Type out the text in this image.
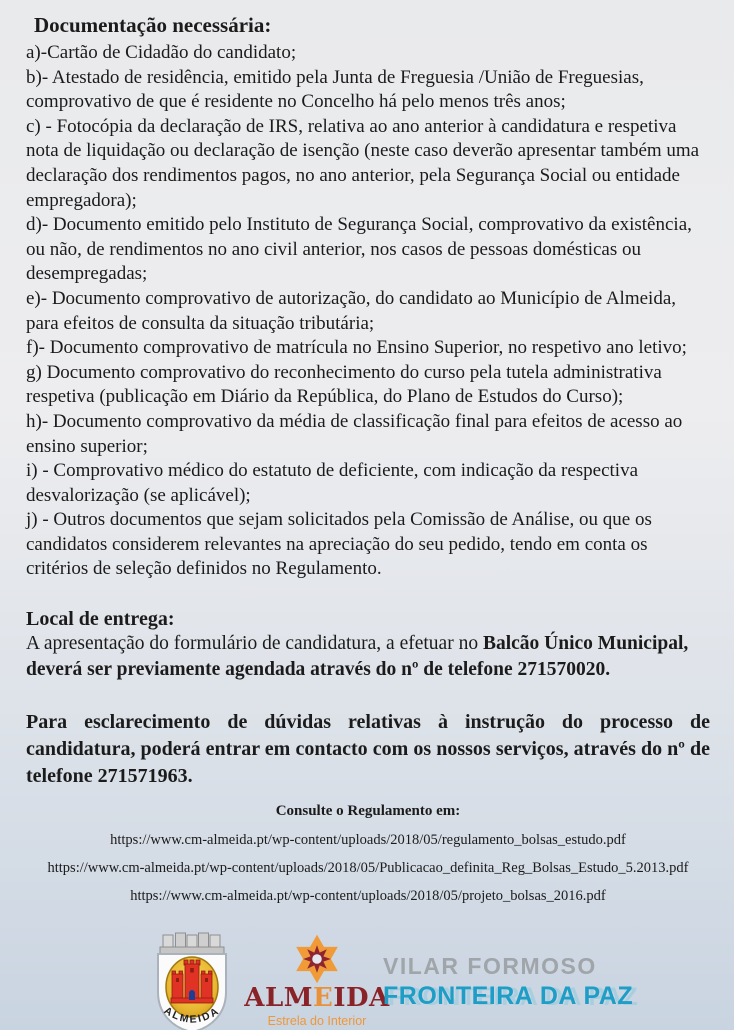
Documentação necessária:

a)-Cartão de Cidadão do candidato;

b)- Atestado de residência, emitido pela Junta de Freguesia /União de Freguesias, comprovativo de que é residente no Concelho há pelo menos três anos;

c) - Fotocópia da declaração de IRS, relativa ao ano anterior à candidatura e respetiva nota de liquidação ou declaração de isenção (neste caso deverão apresentar também uma declaração dos rendimentos pagos, no ano anterior, pela Segurança Social ou entidade empregadora);

d)- Documento emitido pelo Instituto de Segurança Social, comprovativo da existência, ou não, de rendimentos no ano civil anterior, nos casos de pessoas domésticas ou desempregadas;

e)- Documento comprovativo de autorização, do candidato ao Município de Almeida, para efeitos de consulta da situação tributária;

f)- Documento comprovativo de matrícula no Ensino Superior, no respetivo ano letivo;

g) Documento comprovativo do reconhecimento do curso pela tutela administrativa respetiva (publicação em Diário da República, do Plano de Estudos do Curso);

h)- Documento comprovativo da média de classificação final para efeitos de acesso ao ensino superior;

i) - Comprovativo médico do estatuto de deficiente, com indicação da respectiva desvalorização (se aplicável);

j) - Outros documentos que sejam solicitados pela Comissão de Análise, ou que os candidatos considerem relevantes na apreciação do seu pedido, tendo em conta os critérios de seleção definidos no Regulamento.

Local de entrega:

A apresentação do formulário de candidatura, a efetuar no Balcão Único Municipal, deverá ser previamente agendada através do nº de telefone 271570020.

Para esclarecimento de dúvidas relativas à instrução do processo de candidatura, poderá entrar em contacto com os nossos serviços, através do nº de telefone 271571963.

Consulte o Regulamento em:

https://www.cm-almeida.pt/wp-content/uploads/2018/05/regulamento_bolsas_estudo.pdf

https://www.cm-almeida.pt/wp-content/uploads/2018/05/Publicacao_definita_Reg_Bolsas_Estudo_5.2013.pdf

https://www.cm-almeida.pt/wp-content/uploads/2018/05/projeto_bolsas_2016.pdf

ALMEIDA ALMEIDA
Estrela do Interior
VILAR FORMOSO
FRONTEIRA DA PAZ
